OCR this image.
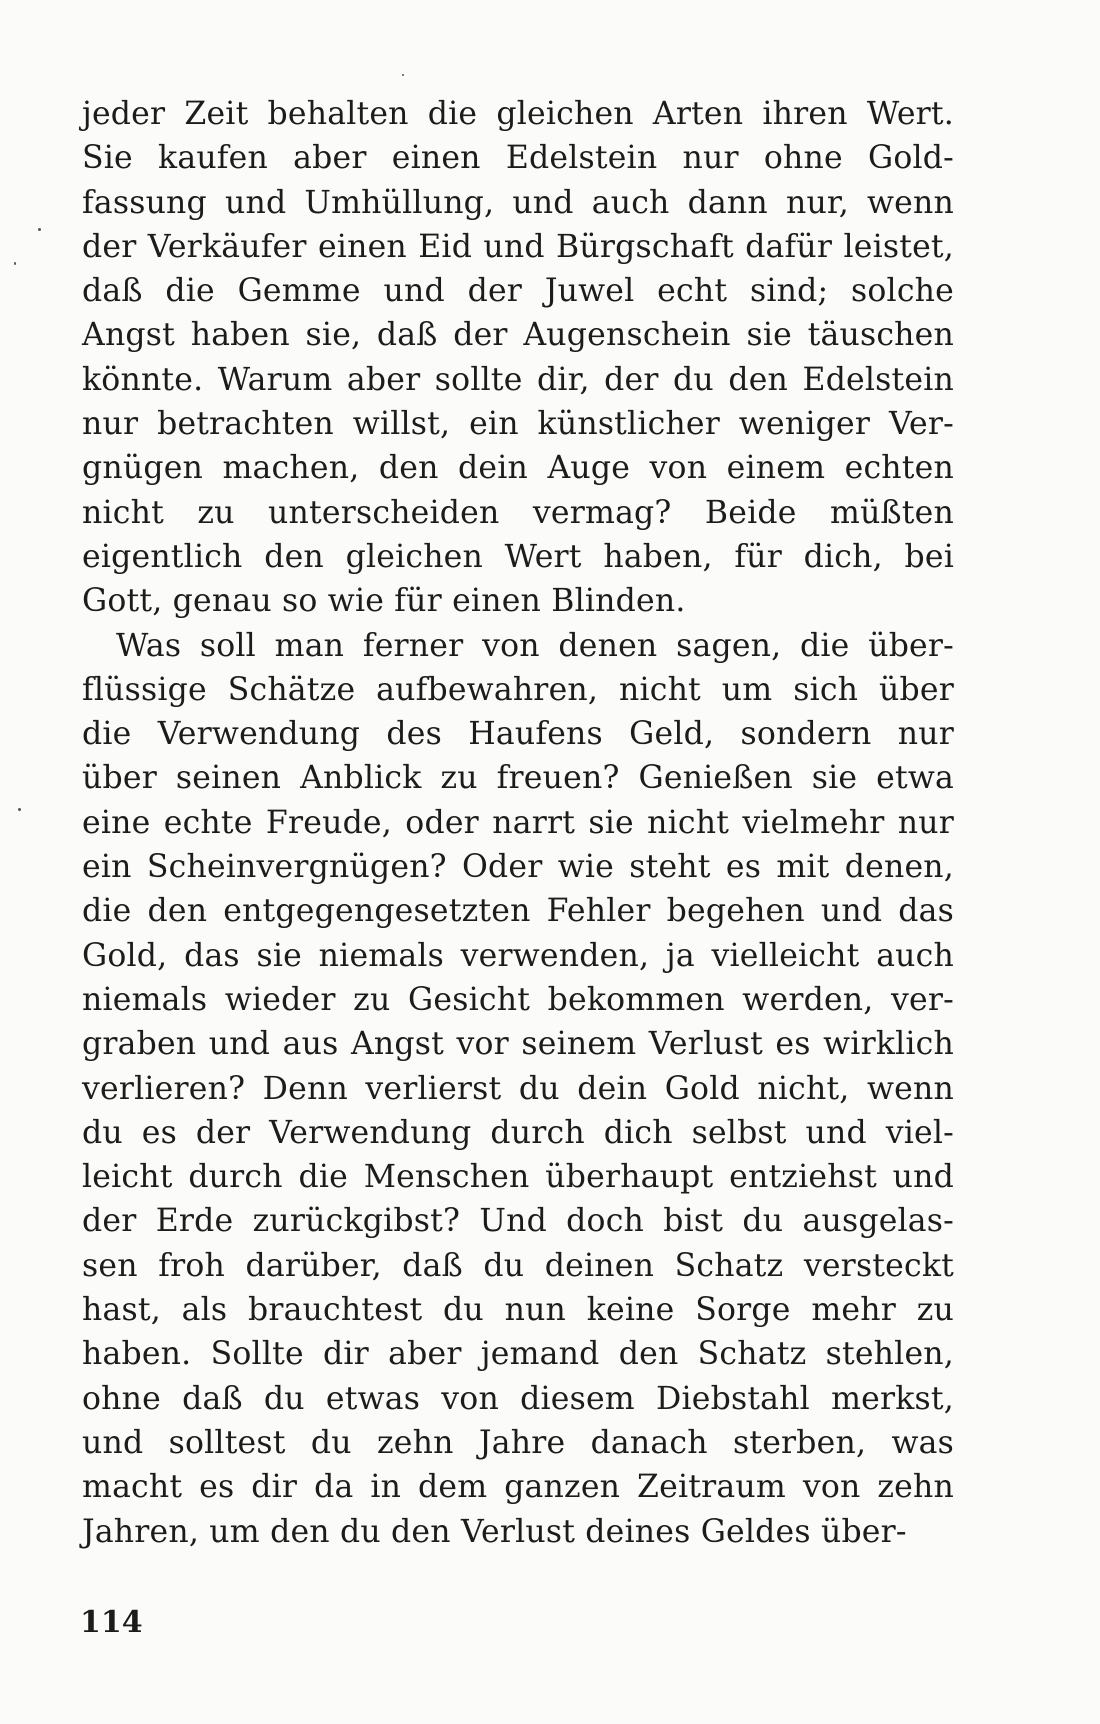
jeder Zeit behalten die gleichen Arten ihren Wert.
Sie kaufen aber einen Edelstein nur ohne Gold-
fassung und Umhüllung, und auch dann nur, wenn
der Verkäufer einen Eid und Bürgschaft dafür leistet,
daß die Gemme und der Juwel echt sind; solche
Angst haben sie, daß der Augenschein sie täuschen
könnte. Warum aber sollte dir, der du den Edelstein
nur betrachten willst, ein künstlicher weniger Ver-
gnügen machen, den dein Auge von einem echten
nicht zu unterscheiden vermag? Beide müßten
eigentlich den gleichen Wert haben, für dich, bei
Gott, genau so wie für einen Blinden.
Was soll man ferner von denen sagen, die über-
flüssige Schätze aufbewahren, nicht um sich über
die Verwendung des Haufens Geld, sondern nur
über seinen Anblick zu freuen? Genießen sie etwa
eine echte Freude, oder narrt sie nicht vielmehr nur
ein Scheinvergnügen? Oder wie steht es mit denen,
die den entgegengesetzten Fehler begehen und das
Gold, das sie niemals verwenden, ja vielleicht auch
niemals wieder zu Gesicht bekommen werden, ver-
graben und aus Angst vor seinem Verlust es wirklich
verlieren? Denn verlierst du dein Gold nicht, wenn
du es der Verwendung durch dich selbst und viel-
leicht durch die Menschen überhaupt entziehst und
der Erde zurückgibst? Und doch bist du ausgelas-
sen froh darüber, daß du deinen Schatz versteckt
hast, als brauchtest du nun keine Sorge mehr zu
haben. Sollte dir aber jemand den Schatz stehlen,
ohne daß du etwas von diesem Diebstahl merkst,
und solltest du zehn Jahre danach sterben, was
macht es dir da in dem ganzen Zeitraum von zehn
Jahren, um den du den Verlust deines Geldes über-
114
